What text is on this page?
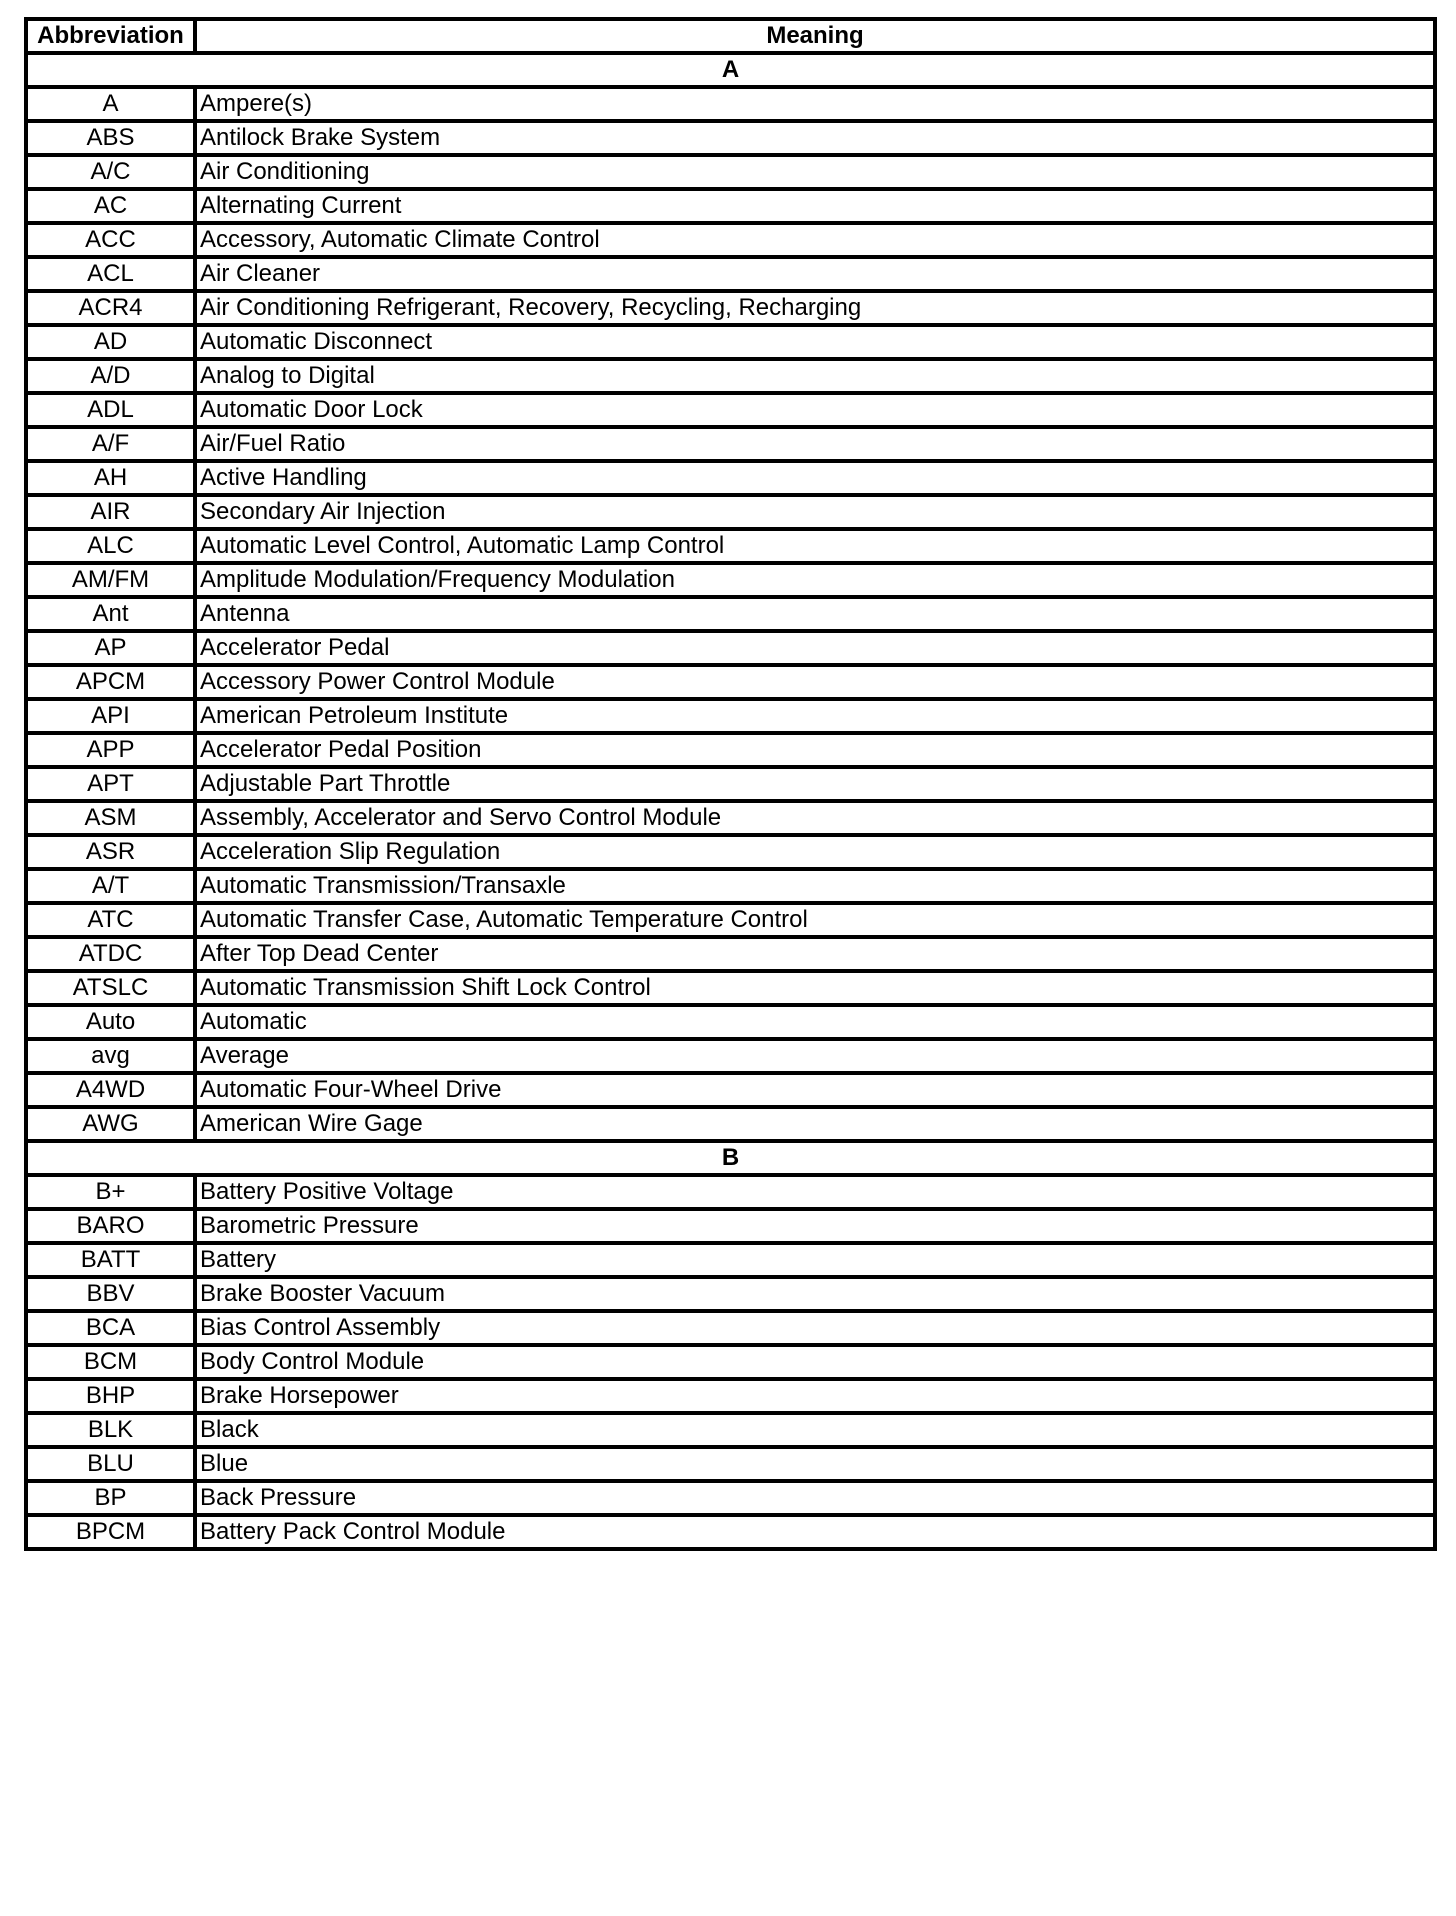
Abbreviation	Meaning
A	
A	Ampere(s)
ABS	Antilock Brake System
A/C	Air Conditioning
AC	Alternating Current
ACC	Accessory, Automatic Climate Control
ACL	Air Cleaner
ACR4	Air Conditioning Refrigerant, Recovery, Recycling, Recharging
AD	Automatic Disconnect
A/D	Analog to Digital
ADL	Automatic Door Lock
A/F	Air/Fuel Ratio
AH	Active Handling
AIR	Secondary Air Injection
ALC	Automatic Level Control, Automatic Lamp Control
AM/FM	Amplitude Modulation/Frequency Modulation
Ant	Antenna
AP	Accelerator Pedal
APCM	Accessory Power Control Module
API	American Petroleum Institute
APP	Accelerator Pedal Position
APT	Adjustable Part Throttle
ASM	Assembly, Accelerator and Servo Control Module
ASR	Acceleration Slip Regulation
A/T	Automatic Transmission/Transaxle
ATC	Automatic Transfer Case, Automatic Temperature Control
ATDC	After Top Dead Center
ATSLC	Automatic Transmission Shift Lock Control
Auto	Automatic
avg	Average
A4WD	Automatic Four-Wheel Drive
AWG	American Wire Gage
B	
B+	Battery Positive Voltage
BARO	Barometric Pressure
BATT	Battery
BBV	Brake Booster Vacuum
BCA	Bias Control Assembly
BCM	Body Control Module
BHP	Brake Horsepower
BLK	Black
BLU	Blue
BP	Back Pressure
BPCM	Battery Pack Control Module
